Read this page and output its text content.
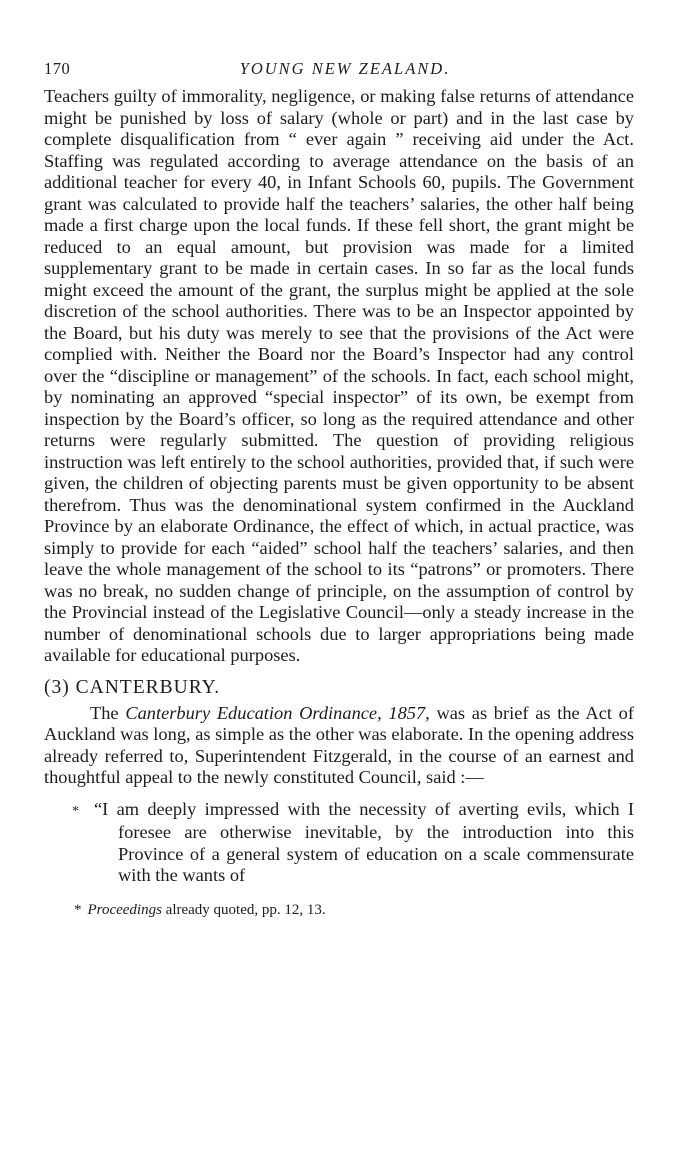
170	YOUNG NEW ZEALAND.

Teachers guilty of immorality, negligence, or making false returns of attendance might be punished by loss of salary (whole or part) and in the last case by complete disqualification from “ ever again ” receiving aid under the Act. Staffing was regulated according to average attendance on the basis of an additional teacher for every 40, in Infant Schools 60, pupils. The Government grant was calculated to provide half the teachers’ salaries, the other half being made a first charge upon the local funds. If these fell short, the grant might be reduced to an equal amount, but provision was made for a limited supplementary grant to be made in certain cases. In so far as the local funds might exceed the amount of the grant, the surplus might be applied at the sole discretion of the school authorities. There was to be an Inspector appointed by the Board, but his duty was merely to see that the provisions of the Act were complied with. Neither the Board nor the Board’s Inspector had any control over the “discipline or management” of the schools. In fact, each school might, by nominating an approved “special inspector” of its own, be exempt from inspection by the Board’s officer, so long as the required attendance and other returns were regularly submitted. The question of providing religious instruction was left entirely to the school authorities, provided that, if such were given, the children of objecting parents must be given opportunity to be absent therefrom. Thus was the denominational system confirmed in the Auckland Province by an elaborate Ordinance, the effect of which, in actual practice, was simply to provide for each “aided” school half the teachers’ salaries, and then leave the whole management of the school to its “patrons” or promoters. There was no break, no sudden change of principle, on the assumption of control by the Provincial instead of the Legislative Council—only a steady increase in the number of denominational schools due to larger appropriations being made available for educational purposes.

(3) CANTERBURY.

The Canterbury Education Ordinance, 1857, was as brief as the Act of Auckland was long, as simple as the other was elaborate. In the opening address already referred to, Superintendent Fitzgerald, in the course of an earnest and thoughtful appeal to the newly constituted Council, said :—

* “I am deeply impressed with the necessity of averting evils, which I foresee are otherwise inevitable, by the introduction into this Province of a general system of education on a scale commensurate with the wants of
* Proceedings already quoted, pp. 12, 13.
